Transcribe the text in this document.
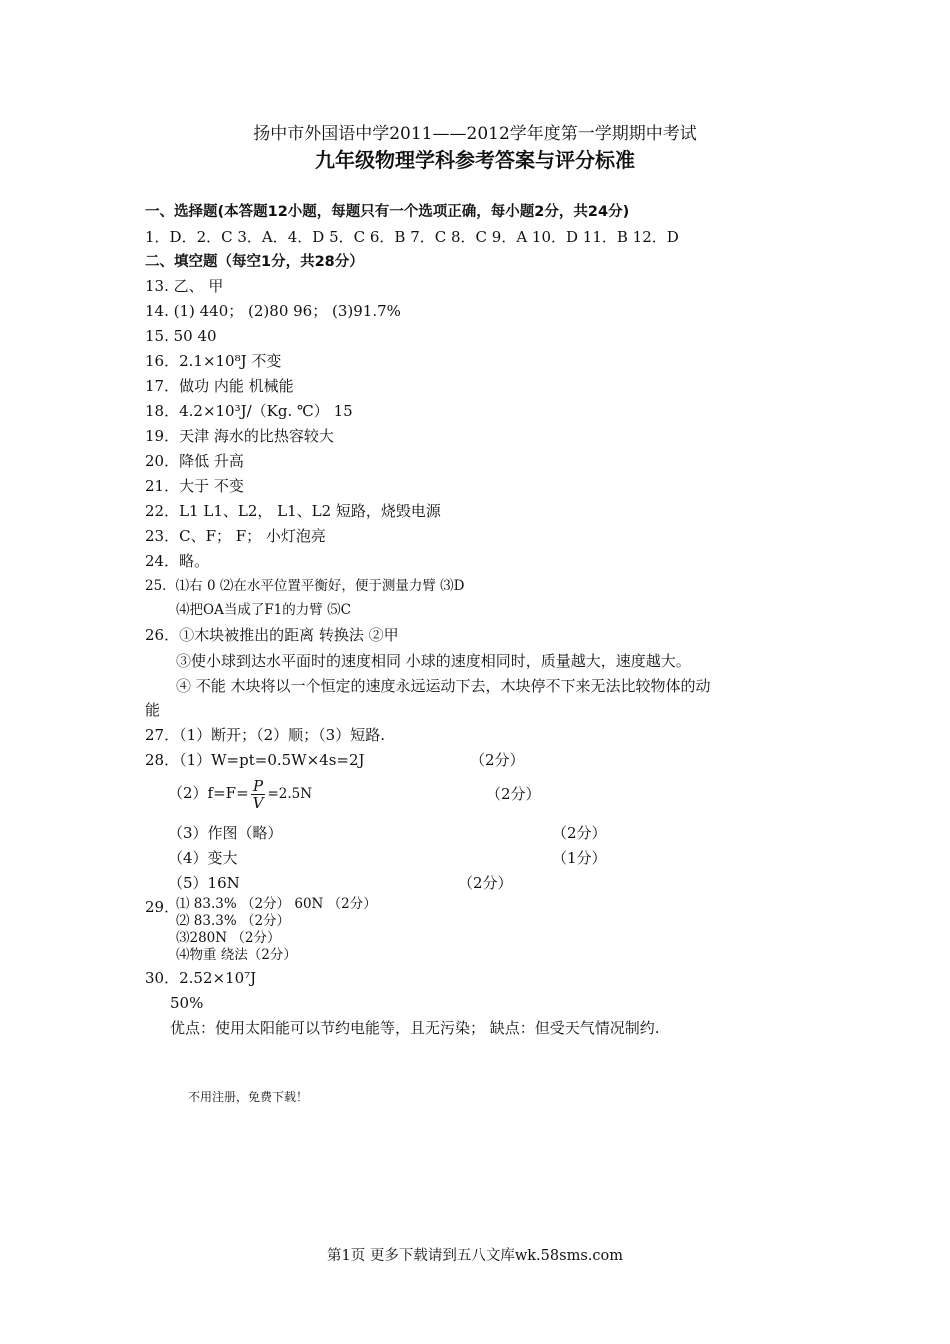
扬中市外国语中学2011——2012学年度第一学期期中考试
九年级物理学科参考答案与评分标准
一、选择题(本答题12小题，每题只有一个选项正确，每小题2分，共24分)
1．D．2．C 3．A．4．D 5．C 6．B 7．C 8．C 9．A 10．D 11．B 12．D
二、填空题（每空1分，共28分）
13. 乙、 甲
14. (1) 440； (2)80 96； (3)91.7%
15. 50 40
16．2.1×10⁸J 不变
17．做功 内能 机械能
18．4.2×10³J/（Kg. ℃） 15
19．天津 海水的比热容较大
20．降低 升高
21．大于 不变
22．L1 L1、L2， L1、L2 短路，烧毁电源
23．C、F； F； 小灯泡亮
24．略。
25．⑴右 0 ⑵在水平位置平衡好，便于测量力臂 ⑶D
⑷把OA当成了F1的力臂 ⑸C
26．①木块被推出的距离 转换法 ②甲
③使小球到达水平面时的速度相同 小球的速度相同时，质量越大，速度越大。
④ 不能 木块将以一个恒定的速度永远运动下去，木块停不下来无法比较物体的动
能
27．（1）断开；（2）顺；（3）短路.
28．（1）W=pt=0.5W×4s=2J	（2分）
$(2)f=F= \frac{P}{V} =2.5N$	（2分）
（3）作图（略）	（2分）
（4）变大	（1分）
（5）16N	（2分）
29．
⑴ 83.3% （2分） 60N （2分）
⑵ 83.3% （2分）
⑶280N （2分）
⑷物重 绕法（2分）
30．2.52×10⁷J
50%
优点：使用太阳能可以节约电能等，且无污染； 缺点：但受天气情况制约.
不用注册，免费下载！
第1页 更多下载请到五八文库wk.58sms.com
